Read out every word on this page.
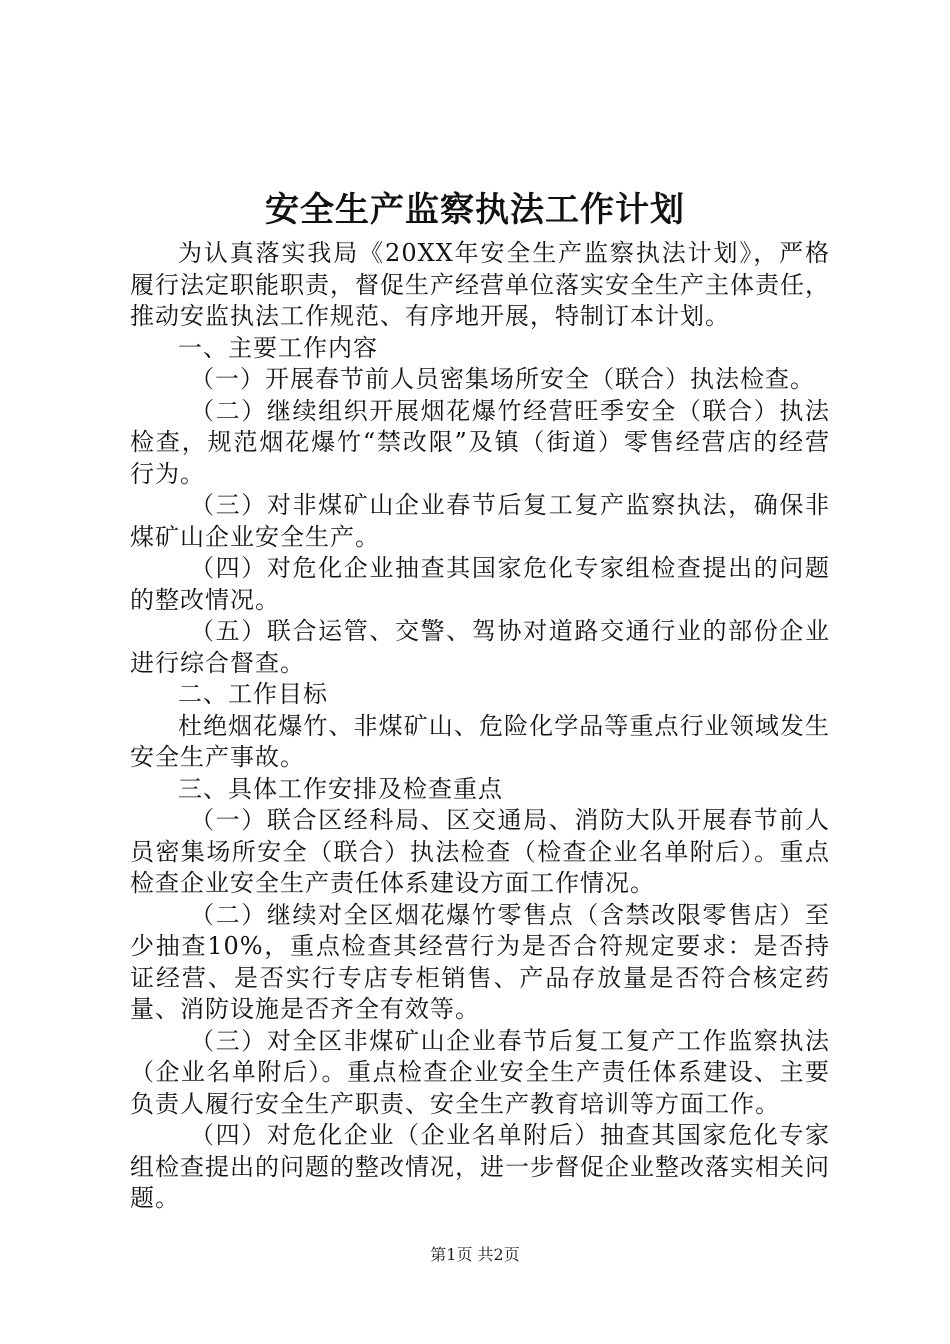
安全生产监察执法工作计划

为认真落实我局《20XX年安全生产监察执法计划》，严格履行法定职能职责，督促生产经营单位落实安全生产主体责任，推动安监执法工作规范、有序地开展，特制订本计划。

一、主要工作内容

（一）开展春节前人员密集场所安全（联合）执法检查。

（二）继续组织开展烟花爆竹经营旺季安全（联合）执法检查，规范烟花爆竹“禁改限”及镇（街道）零售经营店的经营行为。

（三）对非煤矿山企业春节后复工复产监察执法，确保非煤矿山企业安全生产。

（四）对危化企业抽查其国家危化专家组检查提出的问题的整改情况。

（五）联合运管、交警、驾协对道路交通行业的部份企业进行综合督查。

二、工作目标

杜绝烟花爆竹、非煤矿山、危险化学品等重点行业领域发生安全生产事故。

三、具体工作安排及检查重点

（一）联合区经科局、区交通局、消防大队开展春节前人员密集场所安全（联合）执法检查（检查企业名单附后）。重点检查企业安全生产责任体系建设方面工作情况。

（二）继续对全区烟花爆竹零售点（含禁改限零售店）至少抽查10%，重点检查其经营行为是否合符规定要求：是否持证经营、是否实行专店专柜销售、产品存放量是否符合核定药量、消防设施是否齐全有效等。

（三）对全区非煤矿山企业春节后复工复产工作监察执法（企业名单附后）。重点检查企业安全生产责任体系建设、主要负责人履行安全生产职责、安全生产教育培训等方面工作。

（四）对危化企业（企业名单附后）抽查其国家危化专家组检查提出的问题的整改情况，进一步督促企业整改落实相关问题。

第1页 共2页
